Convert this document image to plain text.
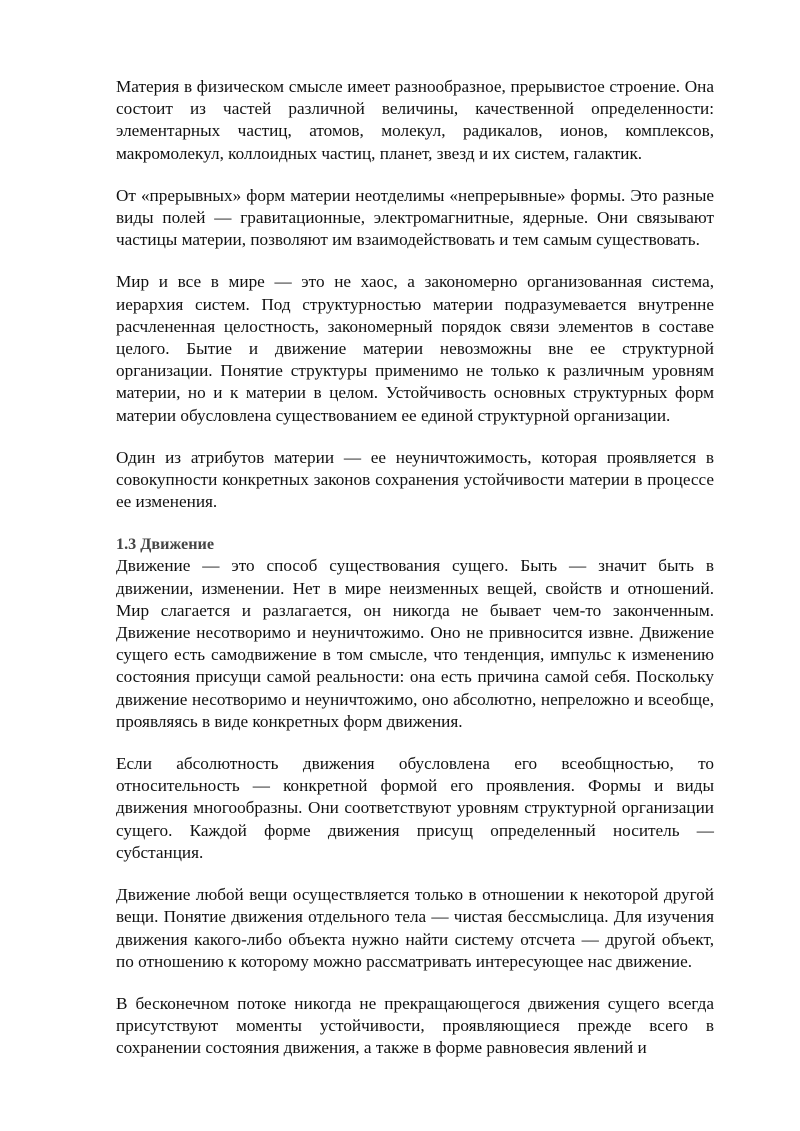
Материя в физическом смысле имеет разнообразное, прерывистое строение. Она состоит из частей различной величины, качественной определенности: элементарных частиц, атомов, молекул, радикалов, ионов, комплексов, макромолекул, коллоидных частиц, планет, звезд и их систем, галактик.

От «прерывных» форм материи неотделимы «непрерывные» формы. Это разные виды полей — гравитационные, электромагнитные, ядерные. Они связывают частицы материи, позволяют им взаимодействовать и тем самым существовать.

Мир и все в мире — это не хаос, а закономерно организованная система, иерархия систем. Под структурностью материи подразумевается внутренне расчлененная целостность, закономерный порядок связи элементов в составе целого. Бытие и движение материи невозможны вне ее структурной организации. Понятие структуры применимо не только к различным уровням материи, но и к материи в целом. Устойчивость основных структурных форм материи обусловлена существованием ее единой структурной организации.

Один из атрибутов материи — ее неуничтожимость, которая проявляется в совокупности конкретных законов сохранения устойчивости материи в процессе ее изменения.

1.3 Движение

Движение — это способ существования сущего. Быть — значит быть в движении, изменении. Нет в мире неизменных вещей, свойств и отношений. Мир слагается и разлагается, он никогда не бывает чем-то законченным. Движение несотворимо и неуничтожимо. Оно не привносится извне. Движение сущего есть самодвижение в том смысле, что тенденция, импульс к изменению состояния присущи самой реальности: она есть причина самой себя. Поскольку движение несотворимо и неуничтожимо, оно абсолютно, непреложно и всеобще, проявляясь в виде конкретных форм движения.

Если абсолютность движения обусловлена его всеобщностью, то относительность — конкретной формой его проявления. Формы и виды движения многообразны. Они соответствуют уровням структурной организации сущего. Каждой форме движения присущ определенный носитель — субстанция.

Движение любой вещи осуществляется только в отношении к некоторой другой вещи. Понятие движения отдельного тела — чистая бессмыслица. Для изучения движения какого-либо объекта нужно найти систему отсчета — другой объект, по отношению к которому можно рассматривать интересующее нас движение.

В бесконечном потоке никогда не прекращающегося движения сущего всегда присутствуют моменты устойчивости, проявляющиеся прежде всего в сохранении состояния движения, а также в форме равновесия явлений и
